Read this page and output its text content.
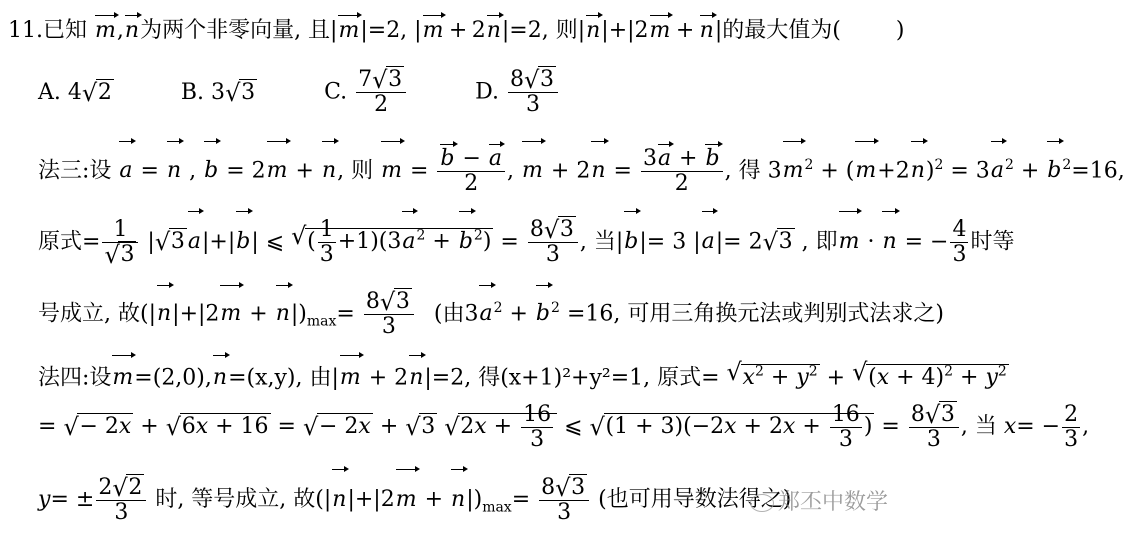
11.已知 m,n为两个非零向量, 且|m|=2, |m + 2n|=2, 则|n|+|2m + n|的最大值为(   	)
A. 4 √ 2	B. 3 √ 3	C. $\frac{7 √ 3}{2}$	D. $\frac{8 √ 3}{3}$
法三:设 a = n , b = 2m + n, 则 $m = \frac{b - a}{2}$ , $m + 2n = \frac{3a + b}{2}$ , 得 $3m^2 + (m+2n)^2 = 3a^2 + b^2=16$,
原式= 1
√ 3 | √ 3 a|+|b| ⩽ √ ( $\frac{1}{3} +1)(3a^2 + b^2) = \frac{8 √ 3}{3}$ , 当|b|= 3 |a|= 2 √ 3 , 即m · n = − $\frac{4}{3}$ 时等
号成立, 故$(|n|+|2m + n|)_{max}= \frac{8 √ 3}{3}$
  (由$3a^2 + b^2 =16$, 可用三角换元法或判别式法求之)
法四:设m=(2,0),n=(x,y), 由|m + 2n|=2, 得(x+1)²+y²=1, 原式= √ $x^2 + y^2$ + √ $(x + 4)^2 + y^2$
= √ − 2x + √ 6x + 16 = √ − 2x + √ 3 √ $2x + \frac{16}{3}$ ⩽ √ $(1 + 3)(-2x + 2x + \frac{16}{3}$ ) = $\frac{8 √ 3}{3}$ , 当 $x= - \frac{2}{3}$ ,
$y= \pm \frac{2 √ 2}{3}$ 时, 等号成立, 故$(|n|+|2m + n|)_{max}= \frac{8 √ 3}{3}$ (也可用导数法得之)
郑丕中数学
